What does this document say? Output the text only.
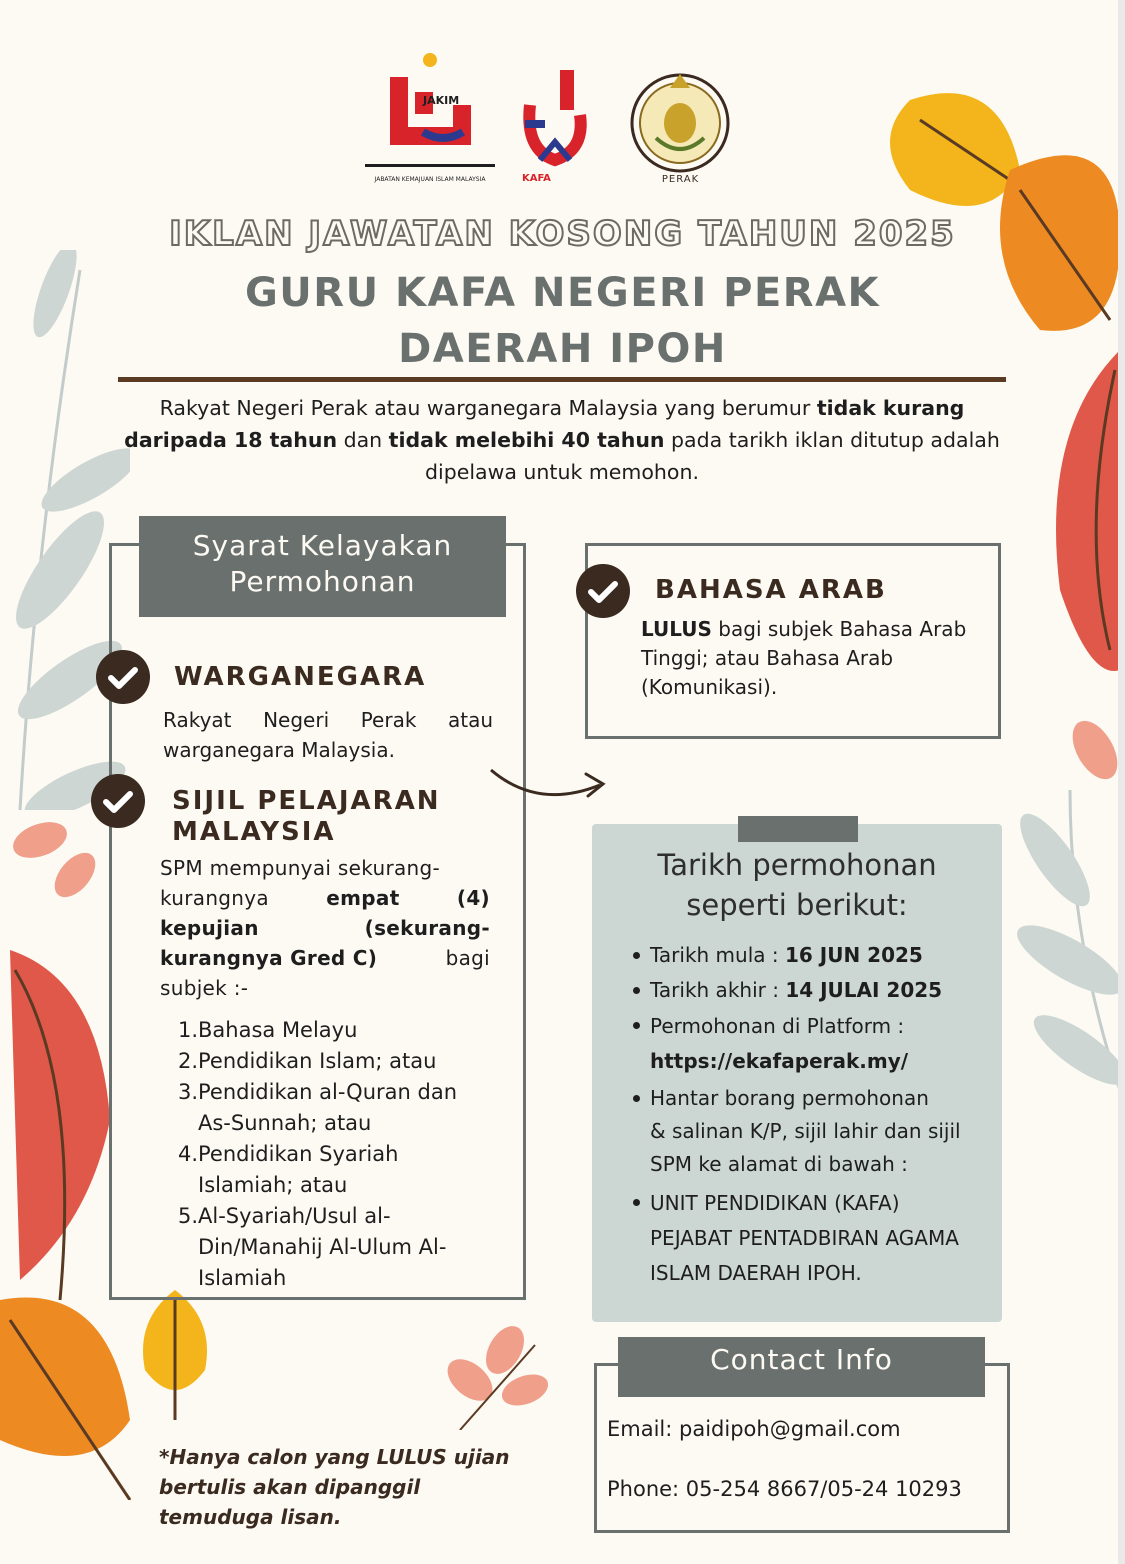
JAKIM
JABATAN KEMAJUAN ISLAM MALAYSIA	KAFA	PERAK
IKLAN JAWATAN KOSONG TAHUN 2025
GURU KAFA NEGERI PERAK
DAERAH IPOH
Rakyat Negeri Perak atau warganegara Malaysia yang berumur tidak kurang daripada 18 tahun dan tidak melebihi 40 tahun pada tarikh iklan ditutup adalah dipelawa untuk memohon.
Syarat Kelayakan
Permohonan
WARGANEGARA
Rakyat Negeri Perak atau
warganegara Malaysia.
SIJIL PELAJARAN
MALAYSIA
SPM mempunyai sekurang-
kurangnya	empat	(4)
kepujian	(sekurang-
kurangnya Gred C)	bagi
subjek :-
1. Bahasa Melayu
2. Pendidikan Islam; atau
3. Pendidikan al-Quran dan
As-Sunnah; atau
4. Pendidikan Syariah
Islamiah; atau
5. Al-Syariah/Usul al-
Din/Manahij Al-Ulum Al-
Islamiah
BAHASA ARAB
LULUS bagi subjek Bahasa Arab
Tinggi; atau Bahasa Arab
(Komunikasi).
Tarikh permohonan
seperti berikut:
Tarikh mula : 16 JUN 2025
Tarikh akhir : 14 JULAI 2025
Permohonan di Platform :
https://ekafaperak.my/
Hantar borang permohonan
& salinan K/P, sijil lahir dan sijil
SPM ke alamat di bawah :
UNIT PENDIDIKAN (KAFA)
PEJABAT PENTADBIRAN AGAMA
ISLAM DAERAH IPOH.
Contact Info
Email: paidipoh@gmail.com
Phone: 05-254 8667/05-24 10293
*Hanya calon yang LULUS ujian
bertulis akan dipanggil
temuduga lisan.
